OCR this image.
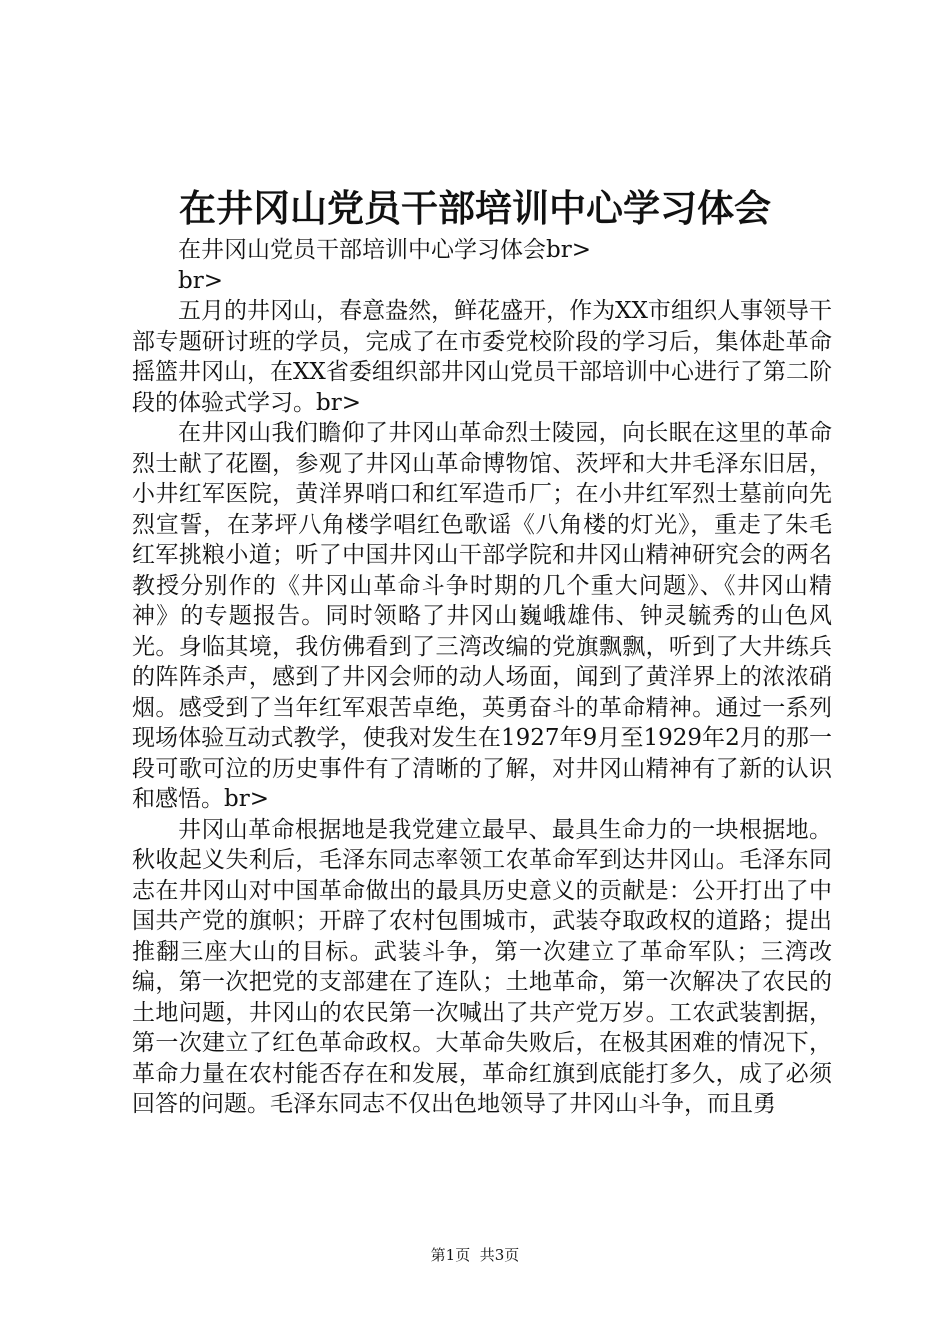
在井冈山党员干部培训中心学习体会

在井冈山党员干部培训中心学习体会br>

br>

五月的井冈山，春意盎然，鲜花盛开，作为XX市组织人事领导干部专题研讨班的学员，完成了在市委党校阶段的学习后，集体赴革命摇篮井冈山，在XX省委组织部井冈山党员干部培训中心进行了第二阶段的体验式学习。br>

在井冈山我们瞻仰了井冈山革命烈士陵园，向长眠在这里的革命烈士献了花圈，参观了井冈山革命博物馆、茨坪和大井毛泽东旧居，小井红军医院，黄洋界哨口和红军造币厂；在小井红军烈士墓前向先烈宣誓，在茅坪八角楼学唱红色歌谣《八角楼的灯光》，重走了朱毛红军挑粮小道；听了中国井冈山干部学院和井冈山精神研究会的两名教授分别作的《井冈山革命斗争时期的几个重大问题》、《井冈山精神》的专题报告。同时领略了井冈山巍峨雄伟、钟灵毓秀的山色风光。身临其境，我仿佛看到了三湾改编的党旗飘飘，听到了大井练兵的阵阵杀声，感到了井冈会师的动人场面，闻到了黄洋界上的浓浓硝烟。感受到了当年红军艰苦卓绝，英勇奋斗的革命精神。通过一系列现场体验互动式教学，使我对发生在1927年9月至1929年2月的那一段可歌可泣的历史事件有了清晰的了解，对井冈山精神有了新的认识和感悟。br>

井冈山革命根据地是我党建立最早、最具生命力的一块根据地。秋收起义失利后，毛泽东同志率领工农革命军到达井冈山。毛泽东同志在井冈山对中国革命做出的最具历史意义的贡献是：公开打出了中国共产党的旗帜；开辟了农村包围城市，武装夺取政权的道路；提出推翻三座大山的目标。武装斗争，第一次建立了革命军队；三湾改编，第一次把党的支部建在了连队；土地革命，第一次解决了农民的土地问题，井冈山的农民第一次喊出了共产党万岁。工农武装割据，第一次建立了红色革命政权。大革命失败后，在极其困难的情况下，革命力量在农村能否存在和发展，革命红旗到底能打多久，成了必须回答的问题。毛泽东同志不仅出色地领导了井冈山斗争，而且勇

第1页 共3页
